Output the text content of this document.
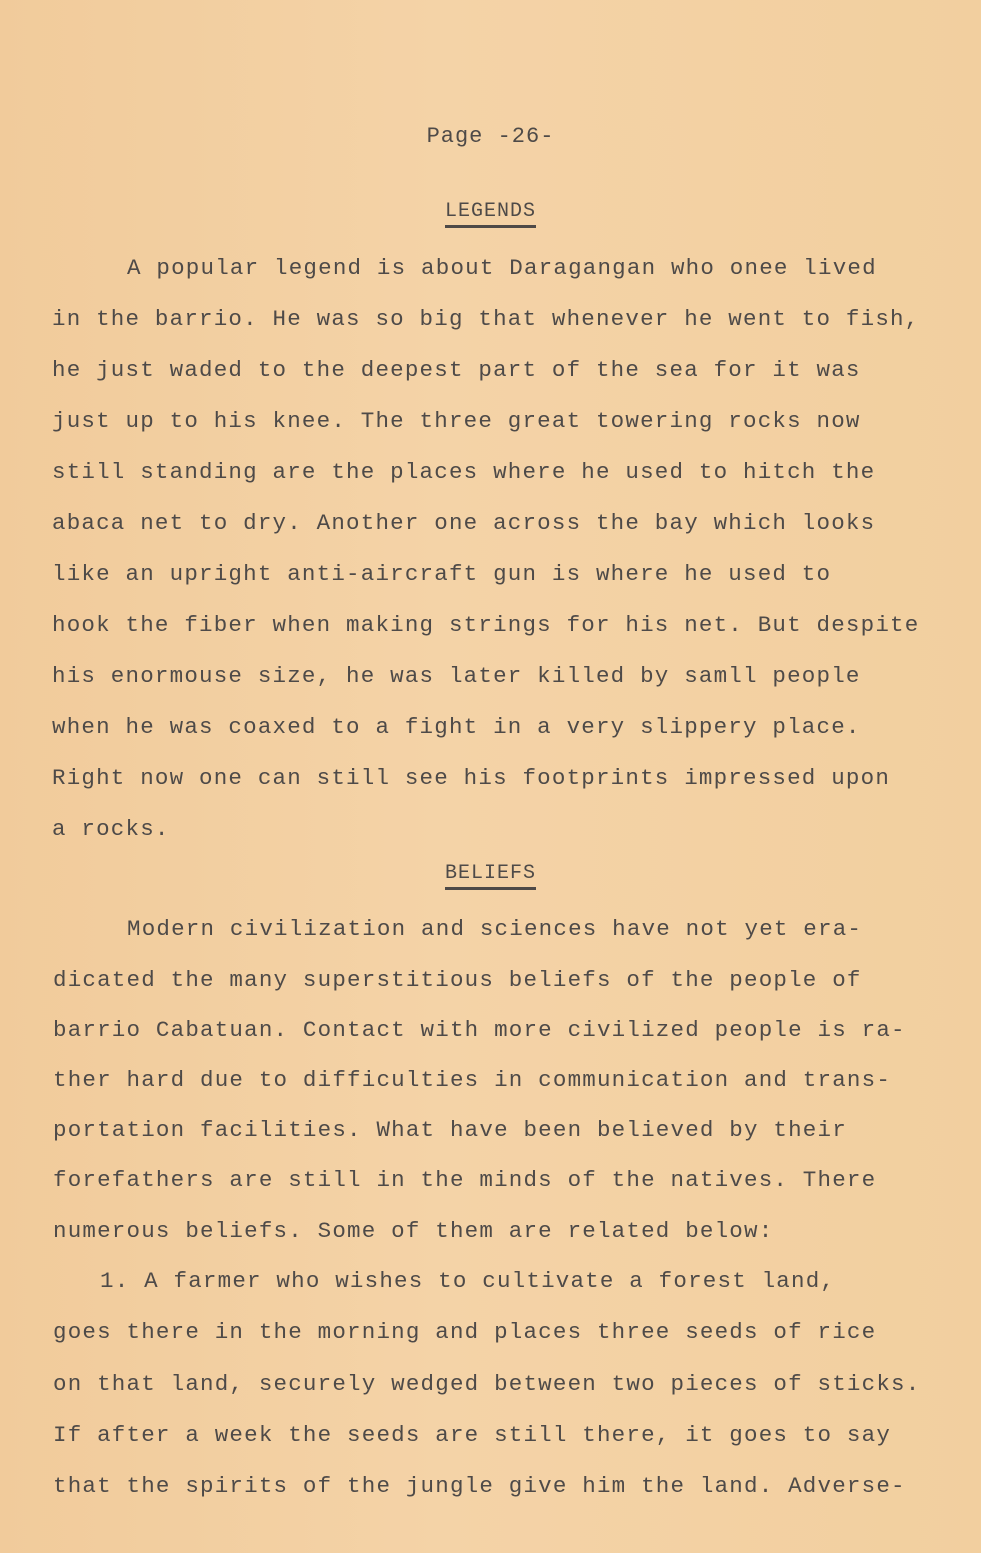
Page -26-
LEGENDS
A popular legend is about Daragangan who onee lived
in the barrio. He was so big that whenever he went to fish,
he just waded to the deepest part of the sea for it was
just up to his knee. The three great towering rocks now
still standing are the places where he used to hitch the
abaca net to dry. Another one across the bay which looks
like an upright anti-aircraft gun is where he used to
hook the fiber when making strings for his net. But despite
his enormouse size, he was later killed by samll people
when he was coaxed to a fight in a very slippery place.
Right now one can still see his footprints impressed upon
a rocks.
BELIEFS
Modern civilization and sciences have not yet era-
dicated the many superstitious beliefs of the people of
barrio Cabatuan. Contact with more civilized people is ra-
ther hard due to difficulties in communication and trans-
portation facilities. What have been believed by their
forefathers are still in the minds of the natives. There
numerous beliefs. Some of them are related below:
1. A farmer who wishes to cultivate a forest land,
goes there in the morning and places three seeds of rice
on that land, securely wedged between two pieces of sticks.
If after a week the seeds are still there, it goes to say
that the spirits of the jungle give him the land. Adverse-
